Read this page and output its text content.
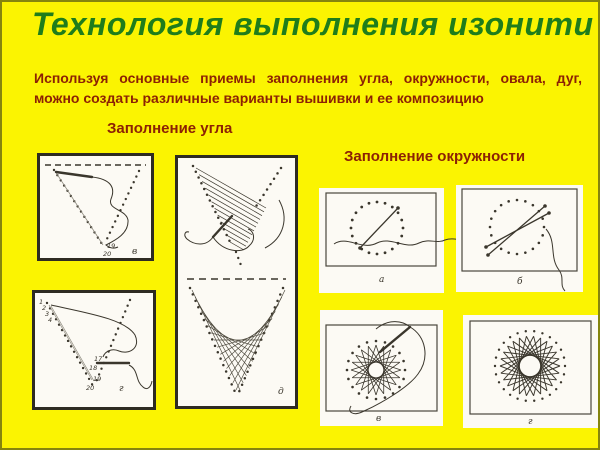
Технология выполнения изонити
Используя основные приемы заполнения угла, окружности, овала, дуг, можно создать различные варианты вышивки и ее композицию
Заполнение угла
Заполнение окружности
19
20 в
1
2
3
4
17
18
19
20	г	д
а	б
в	г
